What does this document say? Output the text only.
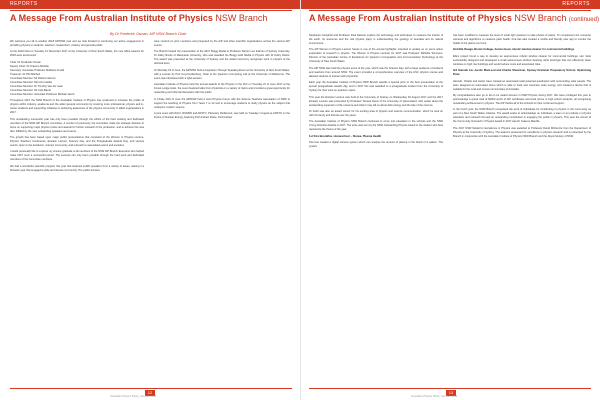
REPORTS
A Message From Australian Institute of Physics NSW Branch
By Dr Frederick Osman, AIP NSW Branch Chair

We welcome you all to another 2018 AIPNSW year and we look forward to continuing our active engagement in providing physics to students, teachers, researchers, industry and general public.

At the AGM held on Tuesday 13 November 2017 at the University of New South Wales, the new office bearers for 2018 were announced:

Chair: Dr Frederick Osman

Deputy Chair: Dr Graeme Melville

Secretary: Associate Professor Matthew Arnold

Treasurer: Dr Phil Mitchell

Committee Member: Mr Robert Harmon

Committee Member: Mrs Ann Hardie

Committee Member: Dr Timothy Van der Laan

Committee Member: Mr Cole Barrie

Committee Member: Associate Professor Michael Jacob

Throughout 2017 the NSW Branch of the Australian Institute of Physics has continued to increase the profile of physics within industry, academia and the wider general community by covering more professional, physics and in-career students and supporting initiatives in achieving awareness of the physics community in allied organisations in 2017.

This outstanding successful year has only been possible through the efforts of the hard working and dedicated members of the NSW AIP Branch committee. A number of previously, the committee made the strategic decision to focus on supporting major physics prizes and awards for further outreach of the profession, and to achieve this was then fulfilled by the new outstanding speakers and events.

The growth has been based upon major public presentations that consisted of the Women in Physics Lecture, Physics Teachers Conference, Einstein Lecture, Science Day, and the Postgraduate Awards Day, and various events, open to the academic, science community, and outreach to associated events and societies.

I would personally like to express my sincere gratitude to all members of the NSW AIP Branch Executive who helped make 2017 such a successful period. The success can only been possible through the hard work and dedicated members of the committee members.

We had a wonderful scientific program this year that featured prolific speakers from a variety of areas, making it a fantastic year that engaged a wide and diverse community. The public lectures

were centred on prior members and presented by the AIP and other scientific organisations across the various AIP events.

The Branch hosted the presentation of the 2017 Bragg Medal to Professor Darren Lee Kalman of Sydney University, Dr Kathy Rocks of Macquarie University, who was awarded the Bragg Gold Medal in Physics with Dr Kathy Rocks. The award was presented at the University of Sydney and the award ceremony recognises work in physics at the doctoral level.

On Monday 15 of June, the AIPNSW held a Inspiration Through Speaking Event at the University of New South Wales, with a Lecture by Prof Lloyd Hollenberg, Chair of the Quantum Computing Lab at the University of Melbourne. The event was introduced with a Q&A session.

Australian Institute of Physics held the annual awards of the Physics in the Pub on Tuesday 21 of June 2017 at the Forest Lodge Hotel, the event featured talks from physicists on a variety of topics and provided a great opportunity for networking and informal discussion with the public.

In Friday 23rd of June the AIPNSW held a Joint Physics Forum with the Science Teachers Association of NSW to support the teaching of Physics from Years 7 to 12 and to encourage students to study physics as the subject that underpins modern science.

A joint event with RACI, RSNSW and ANSTO, Planetary Parliament, was held on Tuesday 1 August at ANSTO on the Future of Nuclear Energy, featuring Prof Andrew Peele, Prof Andrew

12
Australian Physics 55(1) | Jan-Feb 2018
REPORTS
A Message From Australian Institute of Physics NSW Branch (continued)

Stephanie Campbell and Professor Paul Dastoor explore the technology and techniques to measure the interior of the earth, its resources and the role physics plays in understanding the geology of Australia and its natural environment.

The AIP Women in Physics Lecture Series is one of the annual highlights, intended to update us on some active exploration of research in physics. The Women in Physics Lecturer for 2017 was Professor Michelle Simmons, Director of the Australian Centre of Excellence for Quantum Computation and Communication Technology at the University of New South Wales.

The AIP NSW also held the physics event of the year, which was the Science Day, with a large audience of students and teachers from around NSW. The event provided a comprehensive overview of the HSC physics course and allowed students to interact with physicists.

Each year the Australian Institute of Physics NSW Branch awards a special prize to the best presentation at the annual postgraduate awards day, and in 2017 this was awarded to a postgraduate student from the University of Sydney for their work on quantum optics.

This year the Einstein Lecture was held at the University of Sydney on Wednesday 30 August 2017 and the 2017 Einstein Lecture was presented by Professor Tamara Davis of the University of Queensland, who spoke about the accelerating expansion of the universe and what it may tell us about dark energy and the fate of the cosmos.

Dr Keith was also an award winner for his exciting area of physics and science communication, which he took on with his family and friends over the years.

The Australian Institute of Physics NSW Branch continued to come into education in the schools and the NSW Young Scientist Awards in 2017. The prize was won by the NSW Outstanding Physics Award to the student who best represents the theme of the year.

1st Kira Bouraflus, Homeschool – Shewa, Plasma Health

Kira has created a digital camera system which can analyse the amount of plasma in the blood of a patient. The system

has been modified to measure the level of small light quantum to take photos of plants. To complement the computer cameras and algorithms to measure plant health, Kira has also created a mobile and friendly user app to monitor the health of the plants over time.

2nd Ella Ihuaga, Brown College, Autonomous robotic window cleaner for commercial buildings

Ella's project found a way to develop an autonomous robotic window cleaner for commercial buildings. Her robot successfully designed and developed a small autonomous window cleaning robot prototype that can effectively clean windows on high rise buildings and would reduce costs and associated risks.

3rd Hannah Liu, Austin MacLeod and Charlie Shearman, Sydney Grammar Preparatory School, Optimising Drive

Hannah, Charlie and Austin have created an automated solar-powered quadcopter with surrounding solar panels. The team designed an automated drone which is able to track and maximise solar energy, and created a device that is suitable for the rural and remote communities of Australia.

My congratulations also go to all of our award winners in NSW Physics during 2017. We were privileged this year to acknowledge a grand total of $2000 worth of AIP certificates and book prizes to high school students, all recognising outstanding achievement in physics. The AIP thanks all of the schools for their continued support.

In the fourth year, the NSW Branch recognised the work of individuals for contributing to physics in the community as part of a New South Wales initiative. The award seeks to acknowledge an individual, a team or an institute in physics education and outreach through an outstanding contribution in engaging the public in physics. This year the winner of the Community Outreach in Physics Award in 2017 was Dr Graeme Melville.

The 2017 NSW Medal for Excellence in Physics was awarded to Professor David McKenzie from the Department of Physics at the University of Sydney. The award is presented for excellence in physics research and is presented by the Branch in conjunction with the Australian Institute of Physics NSW Branch and the Royal Society of NSW.

13
Australian Physics 55(1) | Jan-Feb 2018
